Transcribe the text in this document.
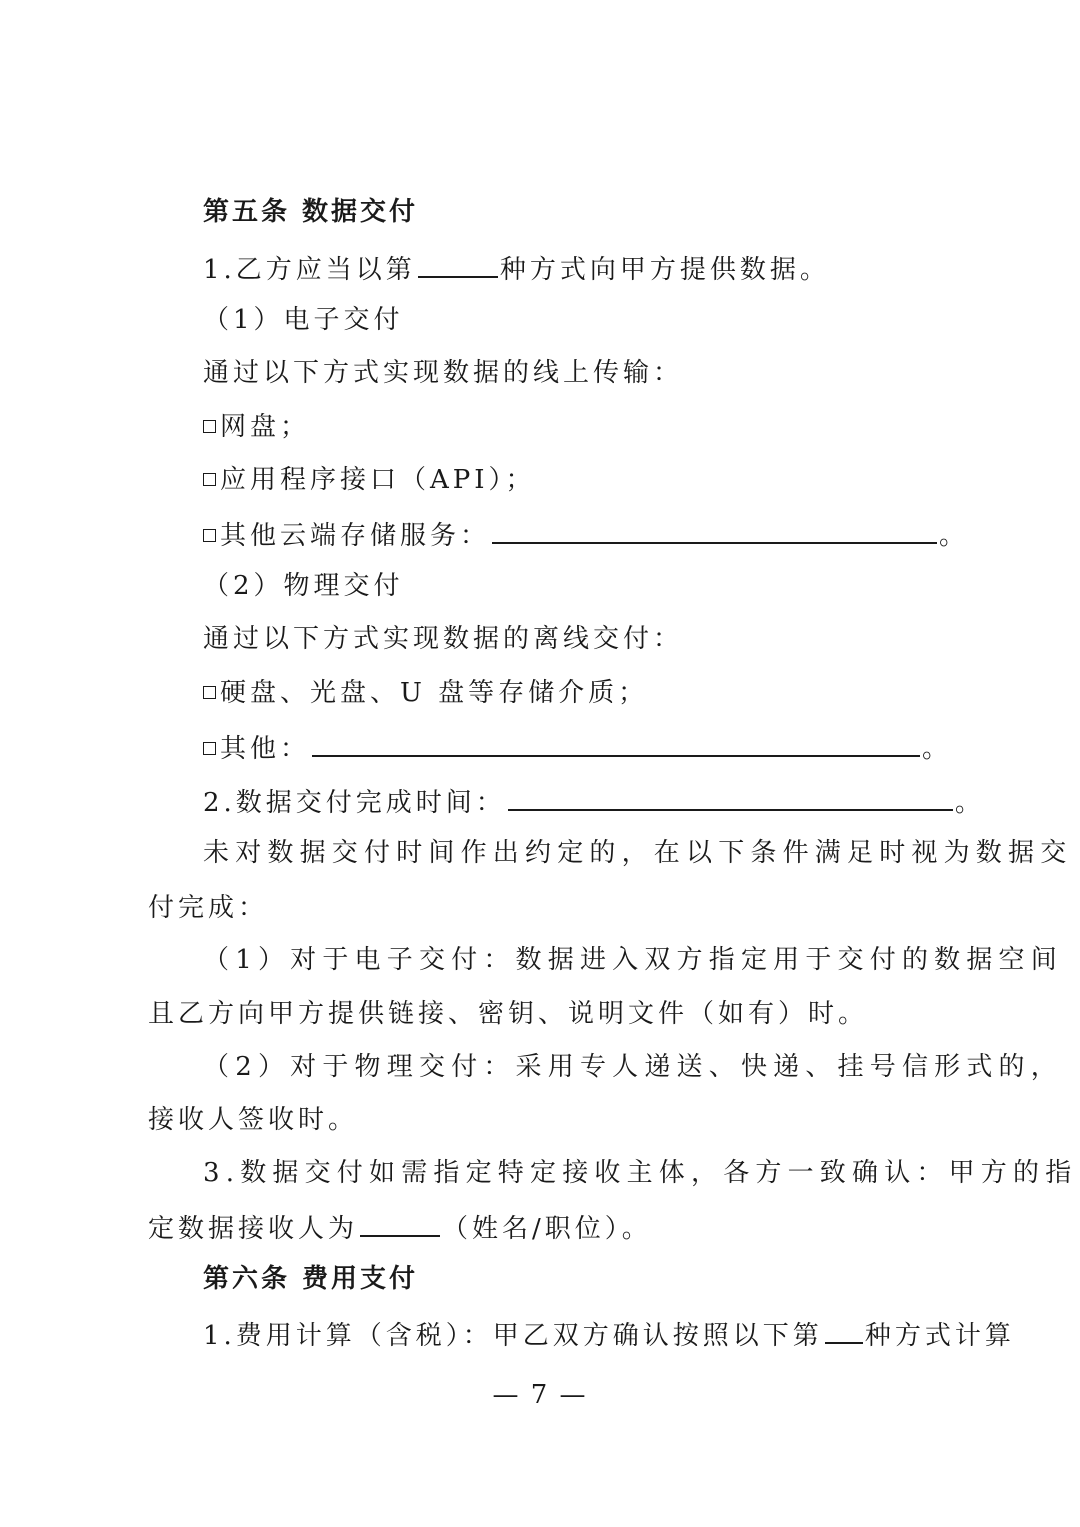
第五条 数据交付
1.乙方应当以第	种方式向甲方提供数据。
（1）电子交付
通过以下方式实现数据的线上传输：
网盘；
应用程序接口（API）；
其他云端存储服务：	。
（2）物理交付
通过以下方式实现数据的离线交付：
硬盘、光盘、U 盘等存储介质；
其他：	。
2.数据交付完成时间：	。
未对数据交付时间作出约定的，在以下条件满足时视为数据交
付完成：
（1）对于电子交付：数据进入双方指定用于交付的数据空间
且乙方向甲方提供链接、密钥、说明文件（如有）时。
（2）对于物理交付：采用专人递送、快递、挂号信形式的，
接收人签收时。
3.数据交付如需指定特定接收主体，各方一致确认：甲方的指
定数据接收人为	（姓名/职位）。
第六条 费用支付
1.费用计算（含税）：甲乙双方确认按照以下第 种方式计算
— 7 —
